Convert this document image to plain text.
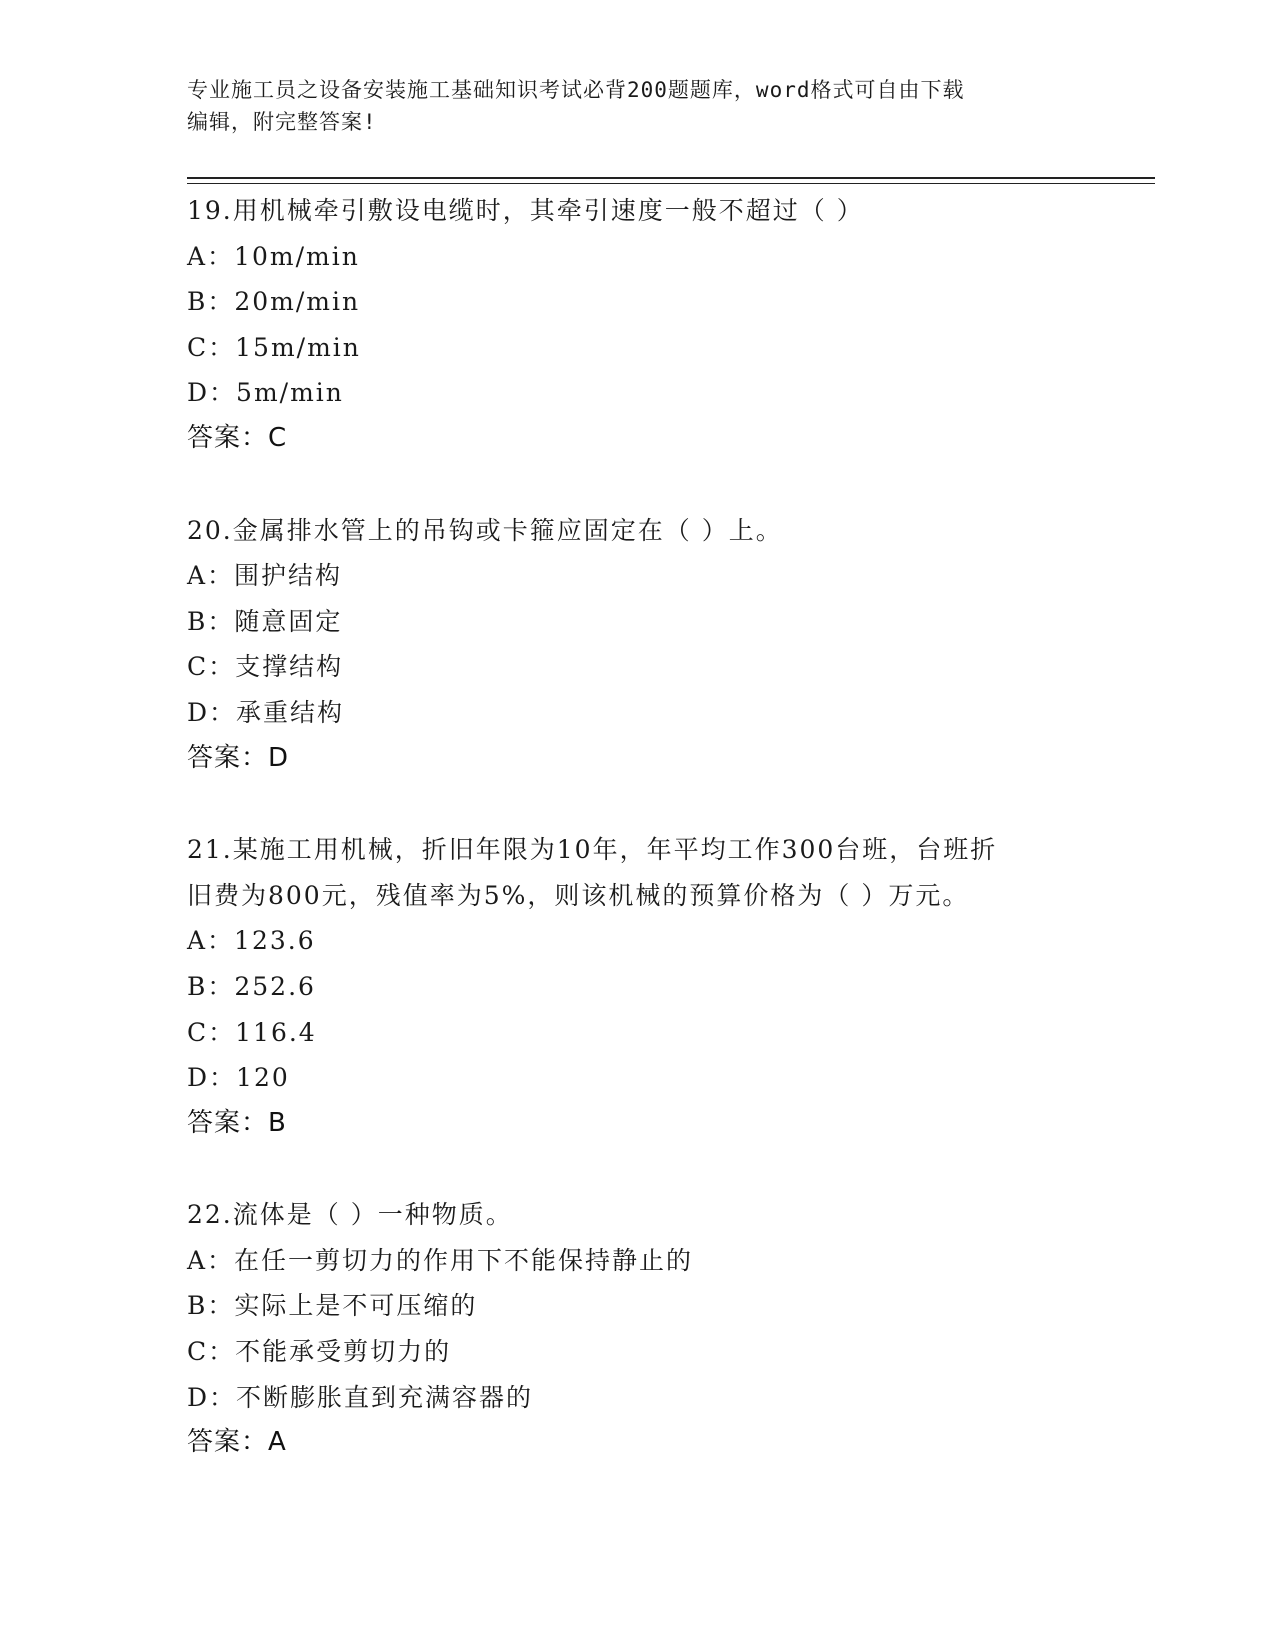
专业施工员之设备安装施工基础知识考试必背200题题库，word格式可自由下载
编辑，附完整答案!
19.用机械牵引敷设电缆时，其牵引速度一般不超过（ ）
A：10m/min
B：20m/min
C：15m/min
D：5m/min
答案：C
20.金属排水管上的吊钩或卡箍应固定在（ ）上。
A：围护结构
B：随意固定
C：支撑结构
D：承重结构
答案：D
21.某施工用机械，折旧年限为10年，年平均工作300台班，台班折
旧费为800元，残值率为5%，则该机械的预算价格为（ ）万元。
A：123.6
B：252.6
C：116.4
D：120
答案：B
22.流体是（ ）一种物质。
A：在任一剪切力的作用下不能保持静止的
B：实际上是不可压缩的
C：不能承受剪切力的
D：不断膨胀直到充满容器的
答案：A
